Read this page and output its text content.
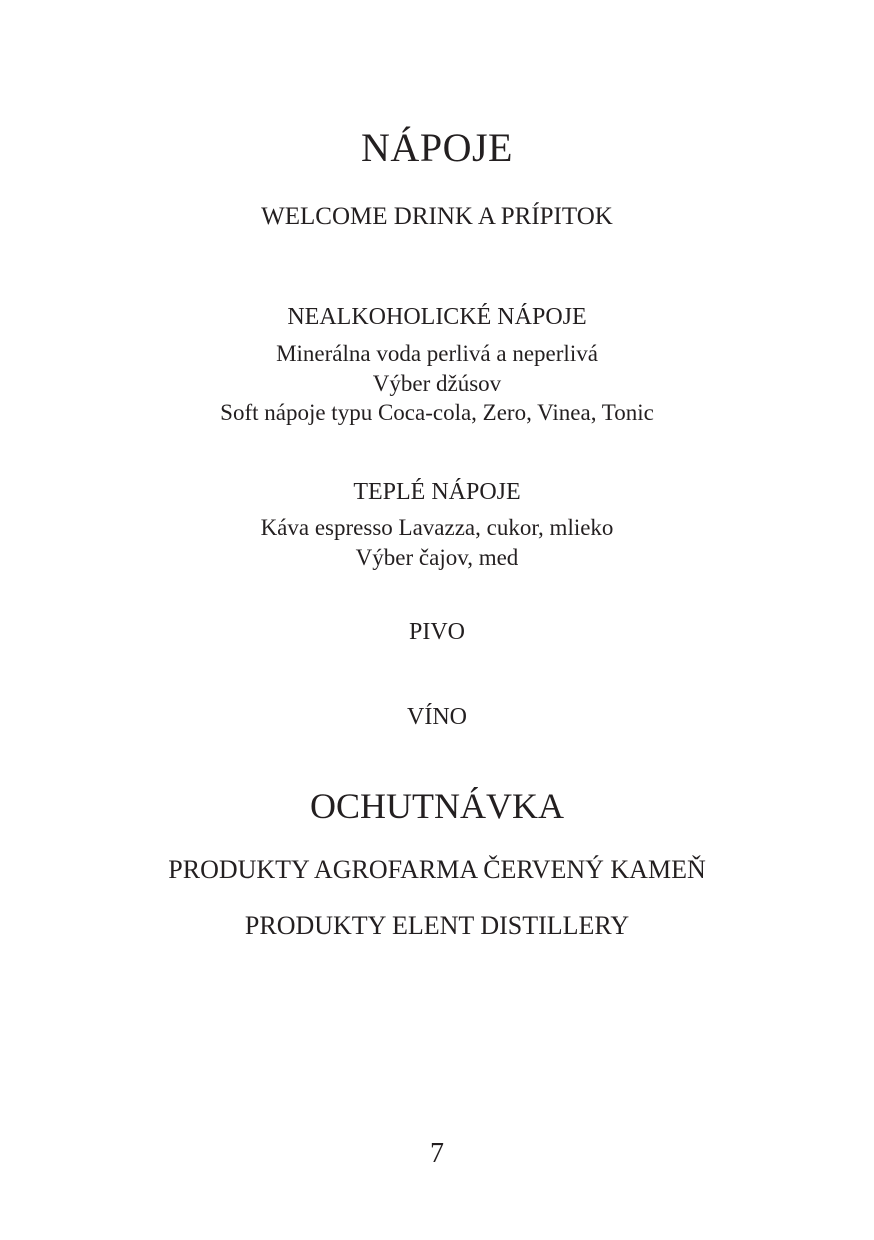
NÁPOJE
WELCOME DRINK A PRÍPITOK
NEALKOHOLICKÉ NÁPOJE
Minerálna voda perlivá a neperlivá
Výber džúsov
Soft nápoje typu Coca-cola, Zero, Vinea, Tonic
TEPLÉ NÁPOJE
Káva espresso Lavazza, cukor, mlieko
Výber čajov, med
PIVO
VÍNO
OCHUTNÁVKA
PRODUKTY AGROFARMA ČERVENÝ KAMEŇ
PRODUKTY ELENT DISTILLERY
7
